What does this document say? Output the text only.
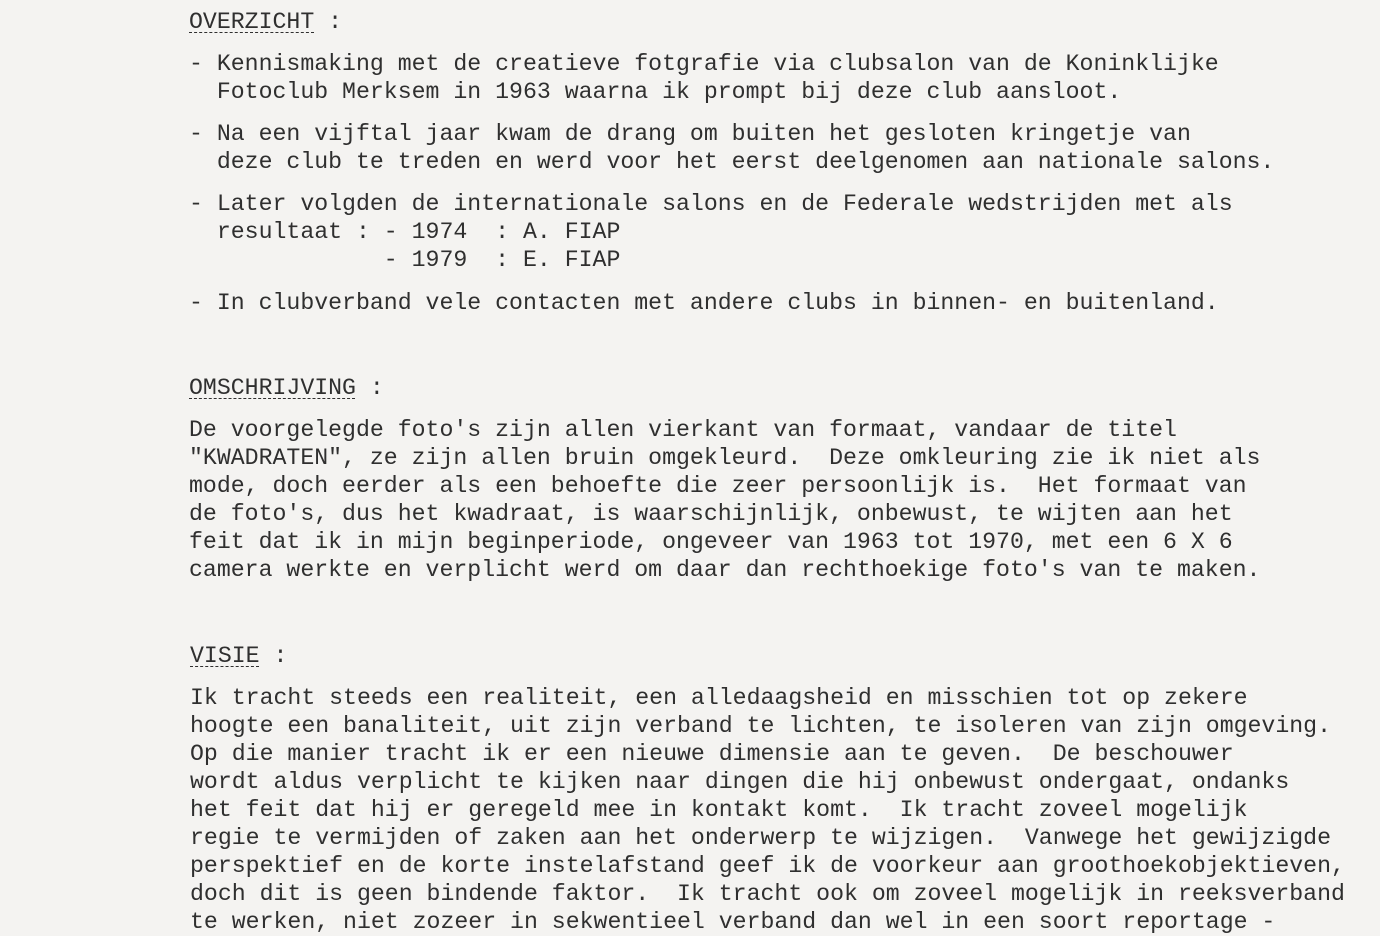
OVERZICHT :
- Kennismaking met de creatieve fotgrafie via clubsalon van de Koninklijke
Fotoclub Merksem in 1963 waarna ik prompt bij deze club aansloot.
- Na een vijftal jaar kwam de drang om buiten het gesloten kringetje van
deze club te treden en werd voor het eerst deelgenomen aan nationale salons.
- Later volgden de internationale salons en de Federale wedstrijden met als
resultaat : - 1974  : A. FIAP
- 1979  : E. FIAP
- In clubverband vele contacten met andere clubs in binnen- en buitenland.
OMSCHRIJVING :
De voorgelegde foto's zijn allen vierkant van formaat, vandaar de titel
"KWADRATEN", ze zijn allen bruin omgekleurd.  Deze omkleuring zie ik niet als
mode, doch eerder als een behoefte die zeer persoonlijk is.  Het formaat van
de foto's, dus het kwadraat, is waarschijnlijk, onbewust, te wijten aan het
feit dat ik in mijn beginperiode, ongeveer van 1963 tot 1970, met een 6 X 6
camera werkte en verplicht werd om daar dan rechthoekige foto's van te maken.
VISIE :
Ik tracht steeds een realiteit, een alledaagsheid en misschien tot op zekere
hoogte een banaliteit, uit zijn verband te lichten, te isoleren van zijn omgeving.
Op die manier tracht ik er een nieuwe dimensie aan te geven.  De beschouwer
wordt aldus verplicht te kijken naar dingen die hij onbewust ondergaat, ondanks
het feit dat hij er geregeld mee in kontakt komt.  Ik tracht zoveel mogelijk
regie te vermijden of zaken aan het onderwerp te wijzigen.  Vanwege het gewijzigde
perspektief en de korte instelafstand geef ik de voorkeur aan groothoekobjektieven,
doch dit is geen bindende faktor.  Ik tracht ook om zoveel mogelijk in reeksverband
te werken, niet zozeer in sekwentieel verband dan wel in een soort reportage -
